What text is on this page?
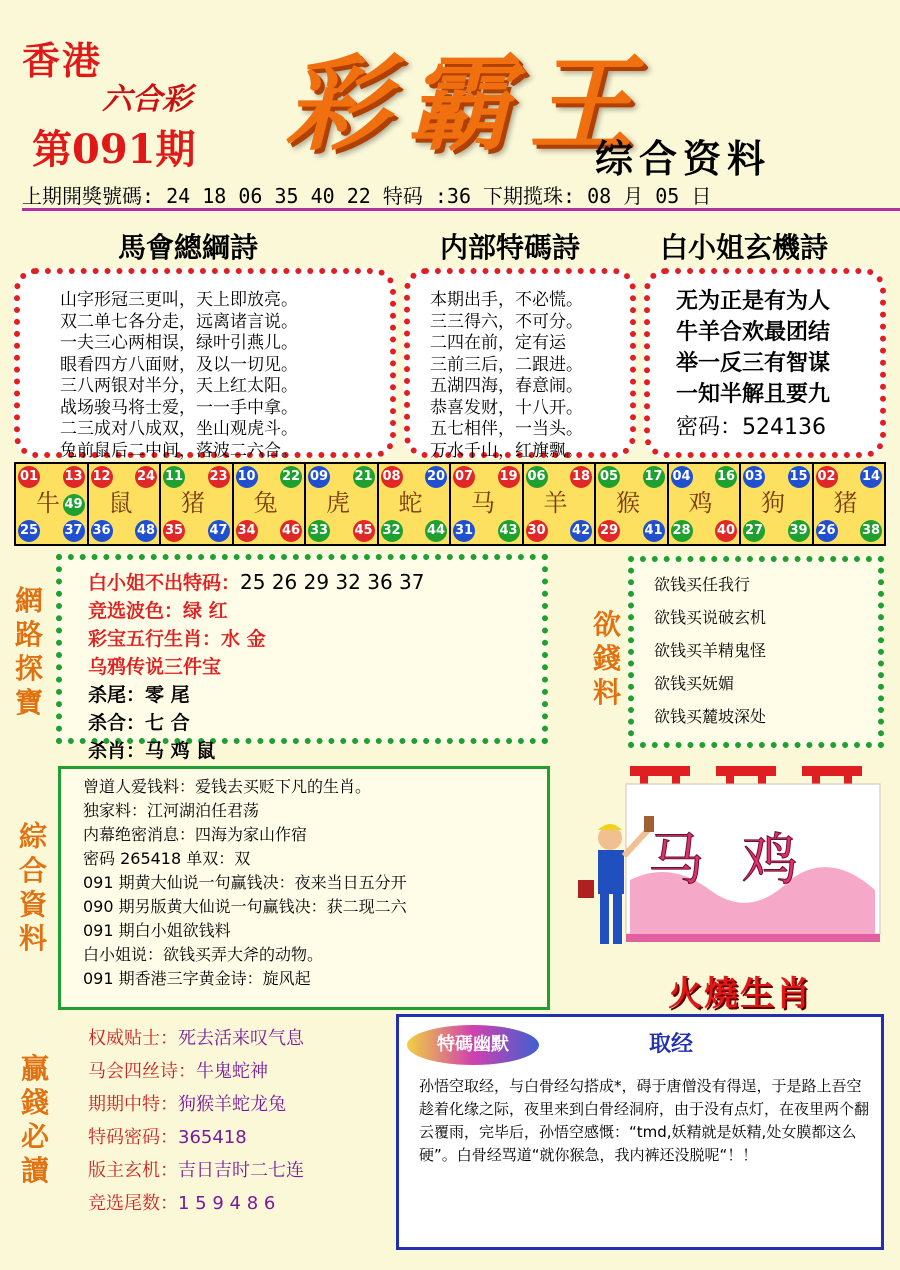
香港
六合彩
第091期 彩霸王
综合资料
上期開獎號碼: 24 18 06 35 40 22 特码 :36 下期揽珠: 08 月 05 日
馬會總綱詩	内部特碼詩	白小姐玄機詩
山字形冠三更叫，天上即放亮。
双二单七各分走，远离诸言说。
一夫三心两相误，绿叶引燕儿。
眼看四方八面财，及以一切见。
三八两银对半分，天上红太阳。
战场骏马将士爱，一一手中拿。
二三成对八成双，坐山观虎斗。
兔前鼠后二中间，落波二六合。
本期出手，不必慌。
三三得六，不可分。
二四在前，定有运
三前三后，二跟进。
五湖四海，春意闹。
恭喜发财，十八开。
五七相伴，一当头。
万水千山，红旗飘。
无为正是有为人
牛羊合欢最团结
举一反三有智谋
一知半解且要九
密码：524136
牛
01 13
49
25 37
鼠
12 24
36 48
猪
11 23
35 47
兔
10 22
34 46
虎
09 21
33 45
蛇
08 20
32 44
马
07 19
31 43
羊
06 18
30 42
猴
05 17
29 41
鸡
04 16
28 40
狗
03 15
27 39
猪
02 14
26 38
網路探寶
白小姐不出特码：25 26 29 32 36 37
竞选波色：绿 红
彩宝五行生肖：水 金
乌鸦传说三件宝
杀尾：零 尾
杀合：七 合
杀肖：马 鸡 鼠
欲錢料
欲钱买任我行
欲钱买说破玄机
欲钱买羊精鬼怪
欲钱买妩媚
欲钱买麓坡深处
綜合資料
曾道人爱钱料：爱钱去买贬下凡的生肖。
独家料：江河湖泊任君荡
内幕绝密消息：四海为家山作宿
密码 265418 单双：双
091 期黄大仙说一句赢钱决：夜来当日五分开
090 期另版黄大仙说一句赢钱决：获二现二六
091 期白小姐欲钱料
白小姐说：欲钱买弄大斧的动物。
091 期香港三字黄金诗：旋风起
马 鸡
火燒生肖
贏錢必讀
权威贴士：死去活来叹气息
马会四丝诗：牛鬼蛇神
期期中特：狗猴羊蛇龙兔
特码密码：365418
版主玄机：吉日吉时二七连
竞选尾数：1 5 9 4 8 6
特碼幽默	取经
孙悟空取经，与白骨经勾搭成*，碍于唐僧没有得逞，于是路上吾空趁着化缘之际，夜里来到白骨经洞府，由于没有点灯，在夜里两个翻云覆雨，完毕后，孙悟空感慨：“tmd,妖精就是妖精,处女膜都这么硬”。白骨经骂道“就你猴急，我内裤还没脱呢“！！
